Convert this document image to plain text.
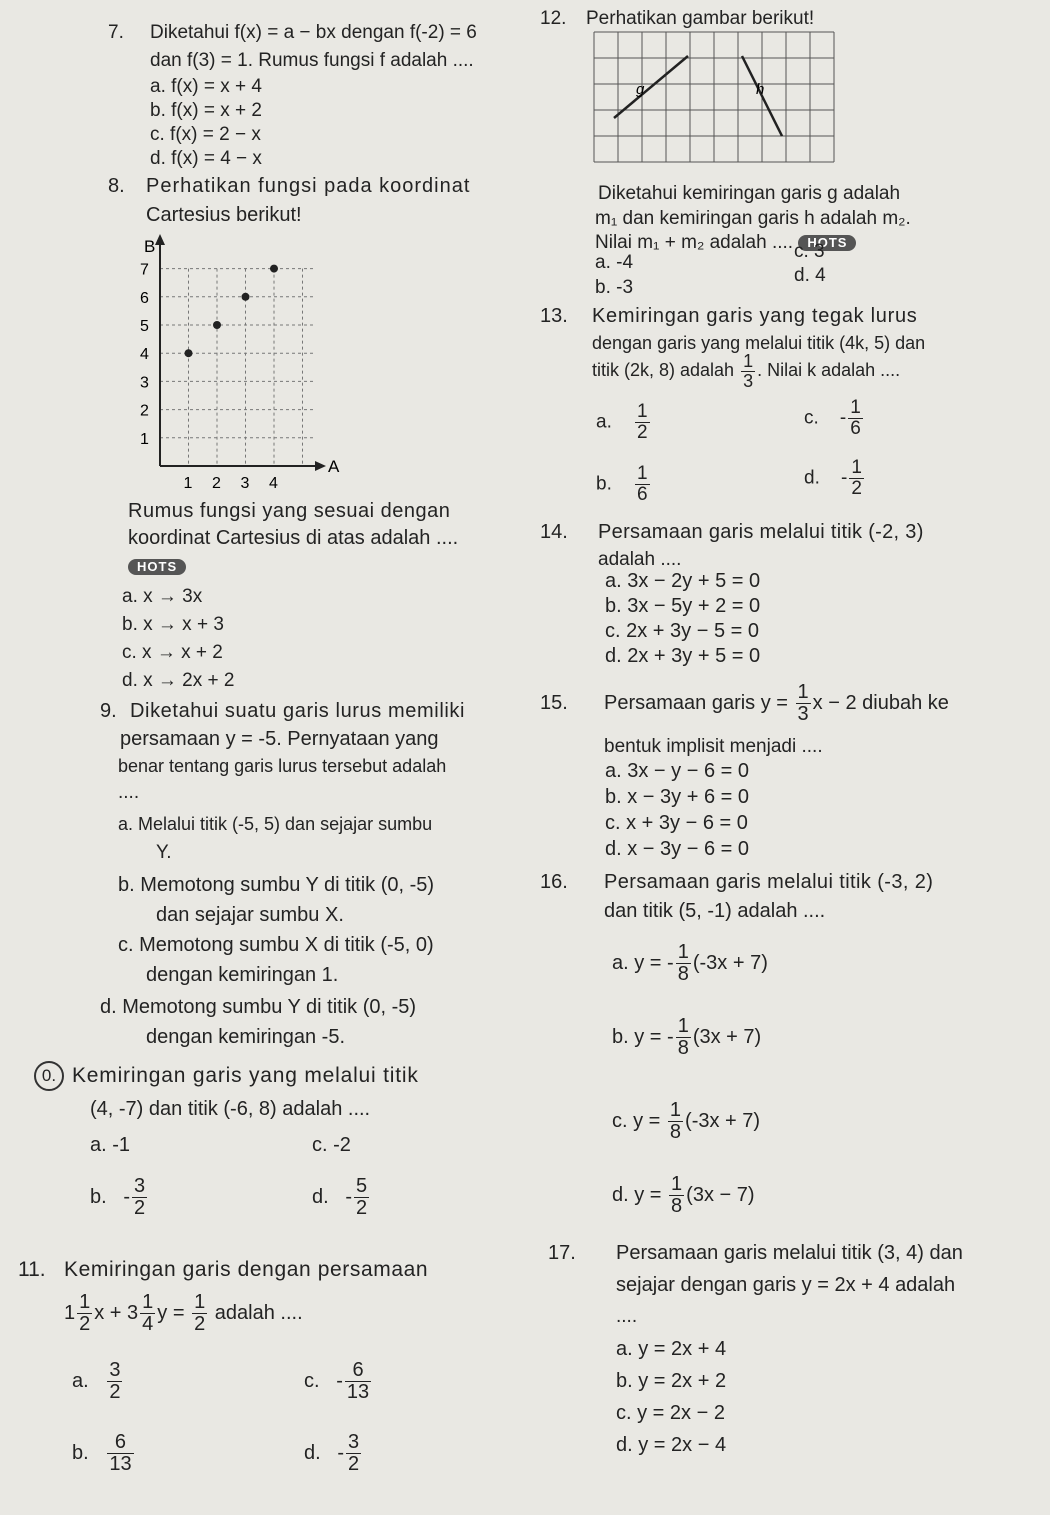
7. Diketahui f(x) = a − bx dengan f(-2) = 6
dan f(3) = 1. Rumus fungsi f adalah ....
a. f(x) = x + 4
b. f(x) = x + 2
c. f(x) = 2 − x
d. f(x) = 4 − x
8. Perhatikan fungsi pada koordinat
Cartesius berikut!
B
A
1
2
3
4
5
6
7
1 2 3 4
Rumus fungsi yang sesuai dengan
koordinat Cartesius di atas adalah ....
HOTS
a. x → 3x
b. x → x + 3
c. x → x + 2
d. x → 2x + 2
9. Diketahui suatu garis lurus memiliki
persamaan y = -5. Pernyataan yang
benar tentang garis lurus tersebut adalah
....
a. Melalui titik (-5, 5) dan sejajar sumbu
Y.
b. Memotong sumbu Y di titik (0, -5)
dan sejajar sumbu X.
c. Memotong sumbu X di titik (-5, 0)
dengan kemiringan 1.
d. Memotong sumbu Y di titik (0, -5)
dengan kemiringan -5.
0. Kemiringan garis yang melalui titik
(4, -7) dan titik (-6, 8) adalah ....
a. -1	c. -2
b. - $\frac{3}{2}$	d. - $\frac{5}{2}$
11. Kemiringan garis dengan persamaan
$1 \frac{1}{2}$ $x + 3 \frac{1}{4}$ $y = \frac{1}{2}$ adalah ....
a. $\frac{3}{2}$	c. - $\frac{6}{13}$
b. $\frac{6}{13}$	d. - $\frac{3}{2}$
12. Perhatikan gambar berikut!
g	h
Diketahui kemiringan garis g adalah
m₁ dan kemiringan garis h adalah m₂.
Nilai m₁ + m₂ adalah .... HOTS
a. -4
b. -3
c. 3
d. 4
13. Kemiringan garis yang tegak lurus
dengan garis yang melalui titik (4k, 5) dan
titik (2k, 8) adalah $\frac{1}{3}$ . Nilai k adalah ....
a. $\frac{1}{2}$
b. $\frac{1}{6}$
c. - $\frac{1}{6}$
d. - $\frac{1}{2}$
14. Persamaan garis melalui titik (-2, 3)
adalah ....
a. 3x − 2y + 5 = 0
b. 3x − 5y + 2 = 0
c. 2x + 3y − 5 = 0
d. 2x + 3y + 5 = 0
15. Persamaan garis $y = \frac{1}{3}$ x − 2 diubah ke
bentuk implisit menjadi ....
a. 3x − y − 6 = 0
b. x − 3y + 6 = 0
c. x + 3y − 6 = 0
d. x − 3y − 6 = 0
16. Persamaan garis melalui titik (-3, 2)
dan titik (5, -1) adalah ....
a. y = - $\frac{1}{8} (-3x + 7)$
b. y = - $\frac{1}{8} (3x + 7)$
c. $y = \frac{1}{8} (-3x + 7)$
d. $y = \frac{1}{8} (3x - 7)$
17. Persamaan garis melalui titik (3, 4) dan
sejajar dengan garis y = 2x + 4 adalah
....
a. y = 2x + 4
b. y = 2x + 2
c. y = 2x − 2
d. y = 2x − 4
